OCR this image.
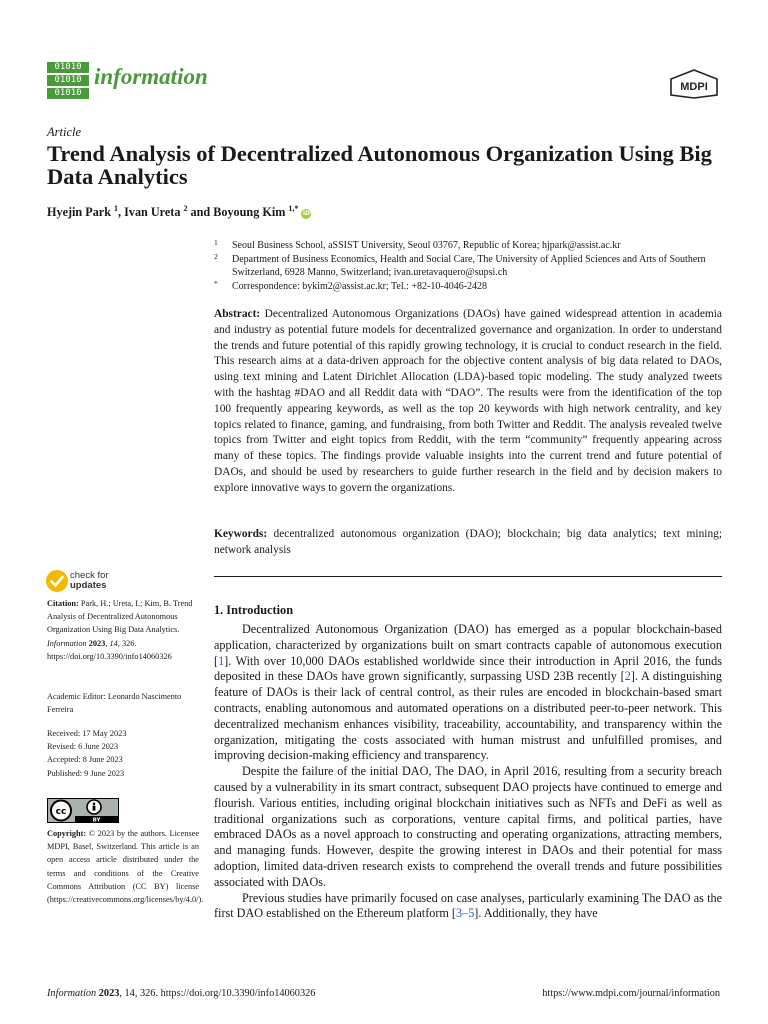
01010
01010
01010
information	MDPI
Article
Trend Analysis of Decentralized Autonomous Organization Using Big Data Analytics
Hyejin Park $^1$, Ivan Ureta $^2$ and Boyoung Kim $^{1,*}$ iD
1 Seoul Business School, aSSIST University, Seoul 03767, Republic of Korea; hjpark@assist.ac.kr
2 Department of Business Economics, Health and Social Care, The University of Applied Sciences and Arts of Southern Switzerland, 6928 Manno, Switzerland; ivan.uretavaquero@supsi.ch
* Correspondence: bykim2@assist.ac.kr; Tel.: +82-10-4046-2428
Abstract: Decentralized Autonomous Organizations (DAOs) have gained widespread attention in academia and industry as potential future models for decentralized governance and organization. In order to understand the trends and future potential of this rapidly growing technology, it is crucial to conduct research in the field. This research aims at a data-driven approach for the objective content analysis of big data related to DAOs, using text mining and Latent Dirichlet Allocation (LDA)-based topic modeling. The study analyzed tweets with the hashtag #DAO and all Reddit data with “DAO”. The results were from the identification of the top 100 frequently appearing keywords, as well as the top 20 keywords with high network centrality, and key topics related to finance, gaming, and fundraising, from both Twitter and Reddit. The analysis revealed twelve topics from Twitter and eight topics from Reddit, with the term “community” frequently appearing across many of these topics. The findings provide valuable insights into the current trend and future potential of DAOs, and should be used by researchers to guide further research in the field and by decision makers to explore innovative ways to govern the organizations.
Keywords: decentralized autonomous organization (DAO); blockchain; big data analytics; text mining; network analysis
check for
updates
Citation: Park, H.; Ureta, I.; Kim, B. Trend Analysis of Decentralized Autonomous Organization Using Big Data Analytics. Information 2023, 14, 326. https://doi.org/10.3390/info14060326
Academic Editor: Leonardo Nascimento Ferreira
Received: 17 May 2023
Revised: 6 June 2023
Accepted: 8 June 2023
Published: 9 June 2023
cc
BY
Copyright: © 2023 by the authors. Licensee MDPI, Basel, Switzerland. This article is an open access article distributed under the terms and conditions of the Creative Commons Attribution (CC BY) license (https://creativecommons.org/licenses/by/4.0/).
1. Introduction

Decentralized Autonomous Organization (DAO) has emerged as a popular blockchain-based application, characterized by organizations built on smart contracts capable of autonomous execution [1]. With over 10,000 DAOs established worldwide since their introduction in April 2016, the funds deposited in these DAOs have grown significantly, surpassing USD 23B recently [2]. A distinguishing feature of DAOs is their lack of central control, as their rules are encoded in blockchain-based smart contracts, enabling autonomous and automated operations on a distributed peer-to-peer network. This decentralized mechanism enhances visibility, traceability, accountability, and transparency within the organization, mitigating the costs associated with human mistrust and unfulfilled promises, and improving decision-making efficiency and transparency.

Despite the failure of the initial DAO, The DAO, in April 2016, resulting from a security breach caused by a vulnerability in its smart contract, subsequent DAO projects have continued to emerge and flourish. Various entities, including original blockchain initiatives such as NFTs and DeFi as well as traditional organizations such as corporations, venture capital firms, and political parties, have embraced DAOs as a novel approach to constructing and operating organizations, attracting members, and managing funds. However, despite the growing interest in DAOs and their potential for mass adoption, limited data-driven research exists to comprehend the overall trends and future possibilities associated with DAOs.

Previous studies have primarily focused on case analyses, particularly examining The DAO as the first DAO established on the Ethereum platform [3–5]. Additionally, they have

Information 2023, 14, 326. https://doi.org/10.3390/info14060326	https://www.mdpi.com/journal/information
